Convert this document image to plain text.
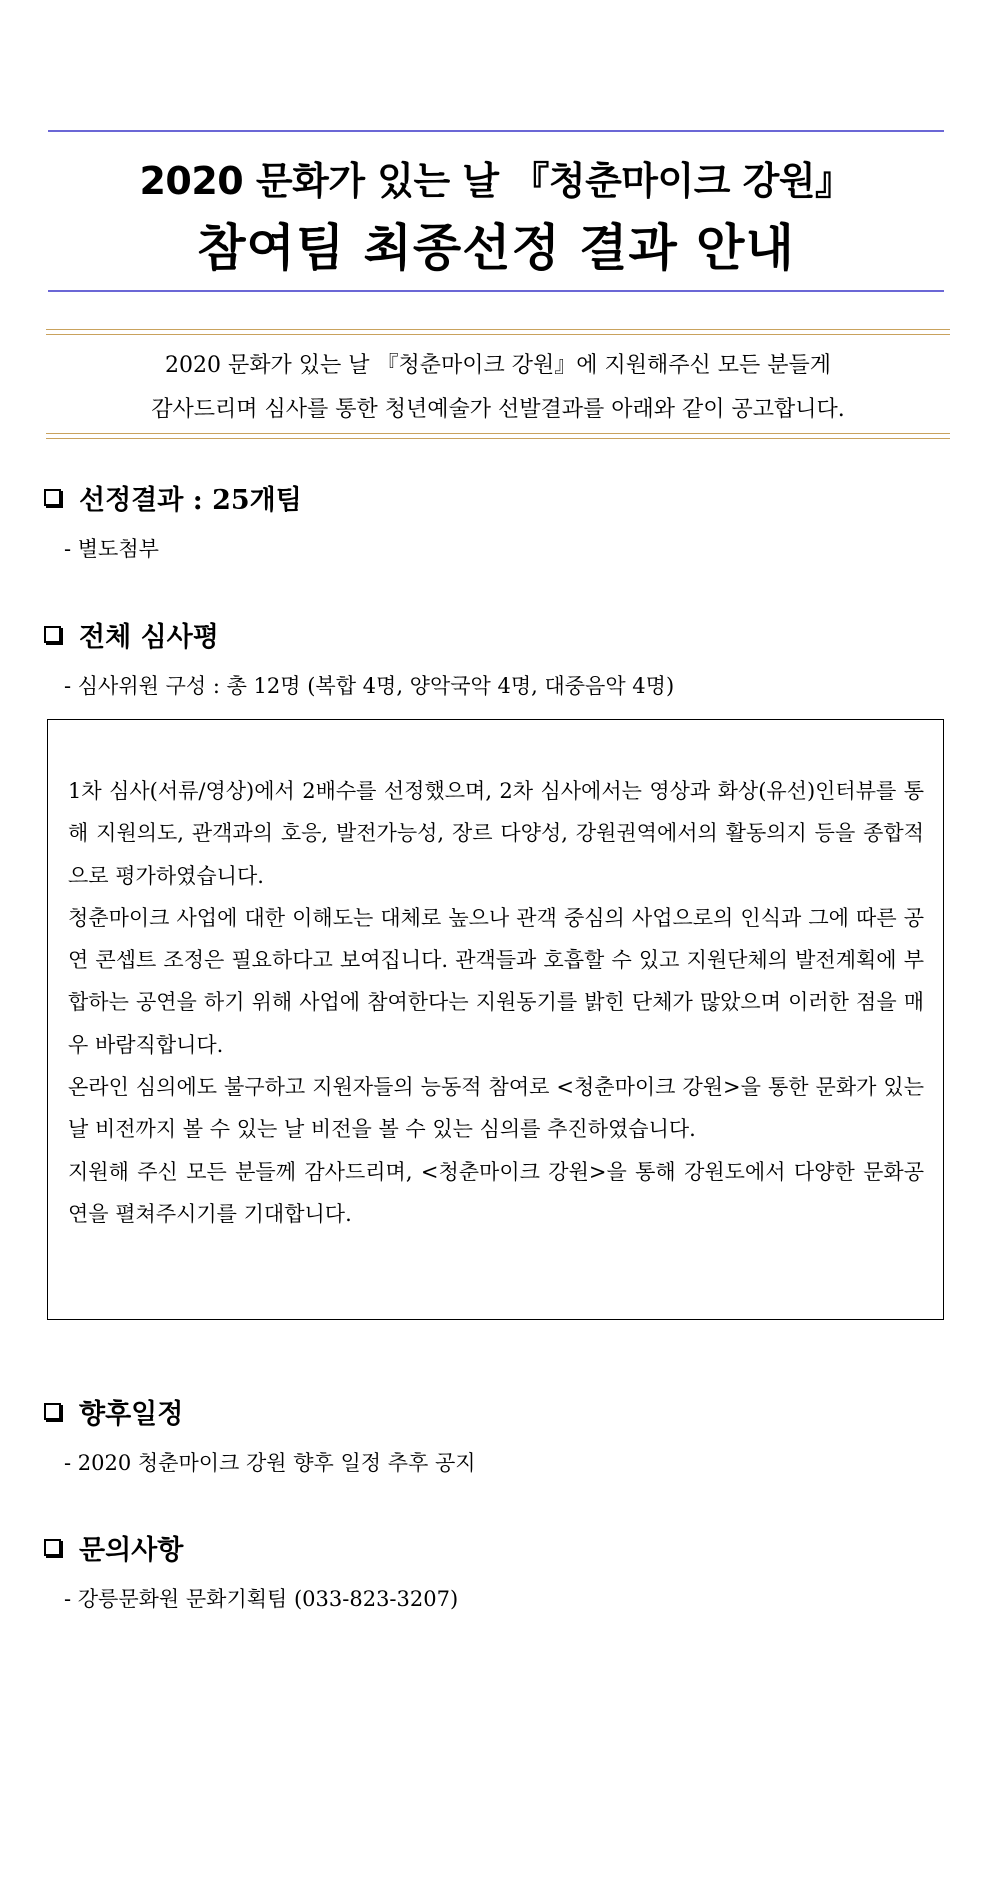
2020 문화가 있는 날 『청춘마이크 강원』
참여팀 최종선정 결과 안내
2020 문화가 있는 날 『청춘마이크 강원』에 지원해주신 모든 분들게
감사드리며 심사를 통한 청년예술가 선발결과를 아래와 같이 공고합니다.
선정결과 : 25개팀
- 별도첨부
전체 심사평
- 심사위원 구성 : 총 12명 (복합 4명, 양악국악 4명, 대중음악 4명)

1차 심사(서류/영상)에서 2배수를 선정했으며, 2차 심사에서는 영상과 화상(유선)인터뷰를 통해 지원의도, 관객과의 호응, 발전가능성, 장르 다양성, 강원권역에서의 활동의지 등을 종합적으로 평가하였습니다.

청춘마이크 사업에 대한 이해도는 대체로 높으나 관객 중심의 사업으로의 인식과 그에 따른 공연 콘셉트 조정은 필요하다고 보여집니다. 관객들과 호흡할 수 있고 지원단체의 발전계획에 부합하는 공연을 하기 위해 사업에 참여한다는 지원동기를 밝힌 단체가 많았으며 이러한 점을 매우 바람직합니다.

온라인 심의에도 불구하고 지원자들의 능동적 참여로 <청춘마이크 강원>을 통한 문화가 있는 날 비전까지 볼 수 있는 날 비전을 볼 수 있는 심의를 추진하였습니다.

지원해 주신 모든 분들께 감사드리며, <청춘마이크 강원>을 통해 강원도에서 다양한 문화공연을 펼쳐주시기를 기대합니다.

향후일정
- 2020 청춘마이크 강원 향후 일정 추후 공지
문의사항
- 강릉문화원 문화기획팀 (033-823-3207)
